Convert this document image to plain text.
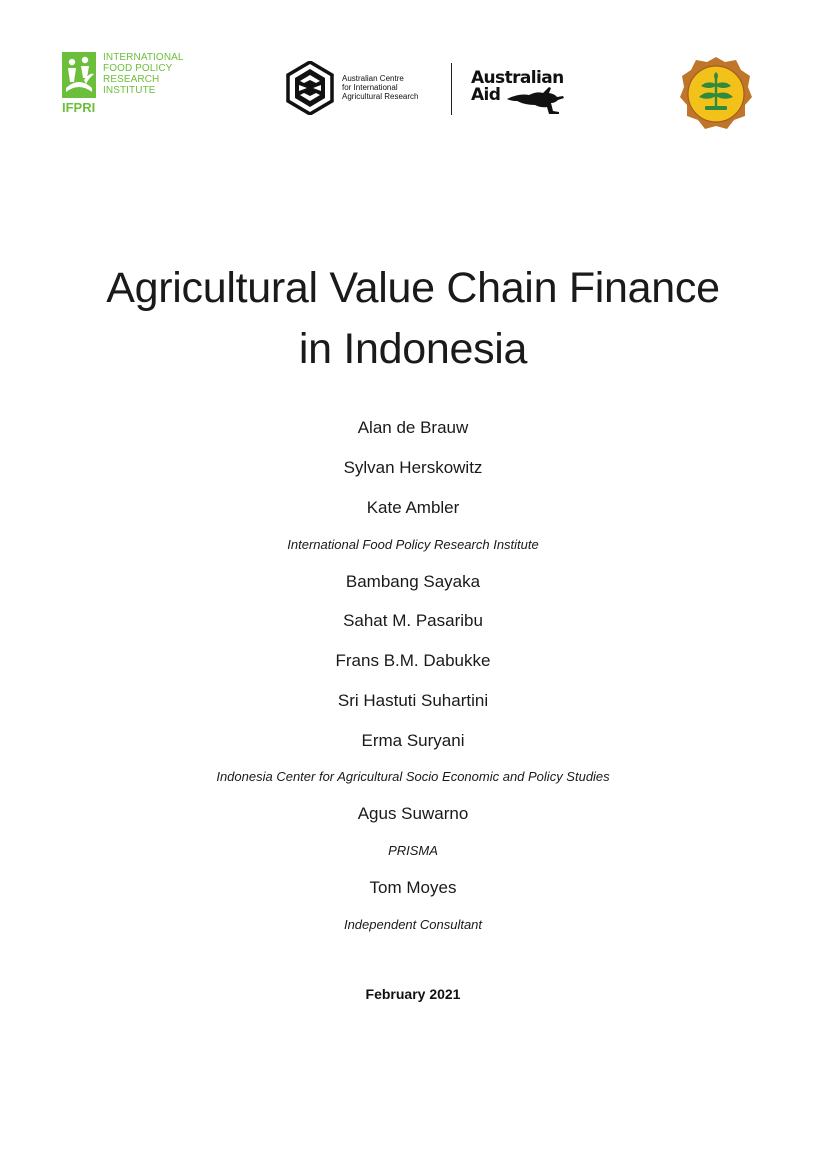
IFPRI
INTERNATIONAL
FOOD POLICY
RESEARCH
INSTITUTE
Australian Centre
for International
Agricultural Research
Australian
Aid
Agricultural Value Chain Finance
in Indonesia
Alan de Brauw
Sylvan Herskowitz
Kate Ambler
International Food Policy Research Institute
Bambang Sayaka
Sahat M. Pasaribu
Frans B.M. Dabukke
Sri Hastuti Suhartini
Erma Suryani
Indonesia Center for Agricultural Socio Economic and Policy Studies
Agus Suwarno
PRISMA
Tom Moyes
Independent Consultant
February 2021
